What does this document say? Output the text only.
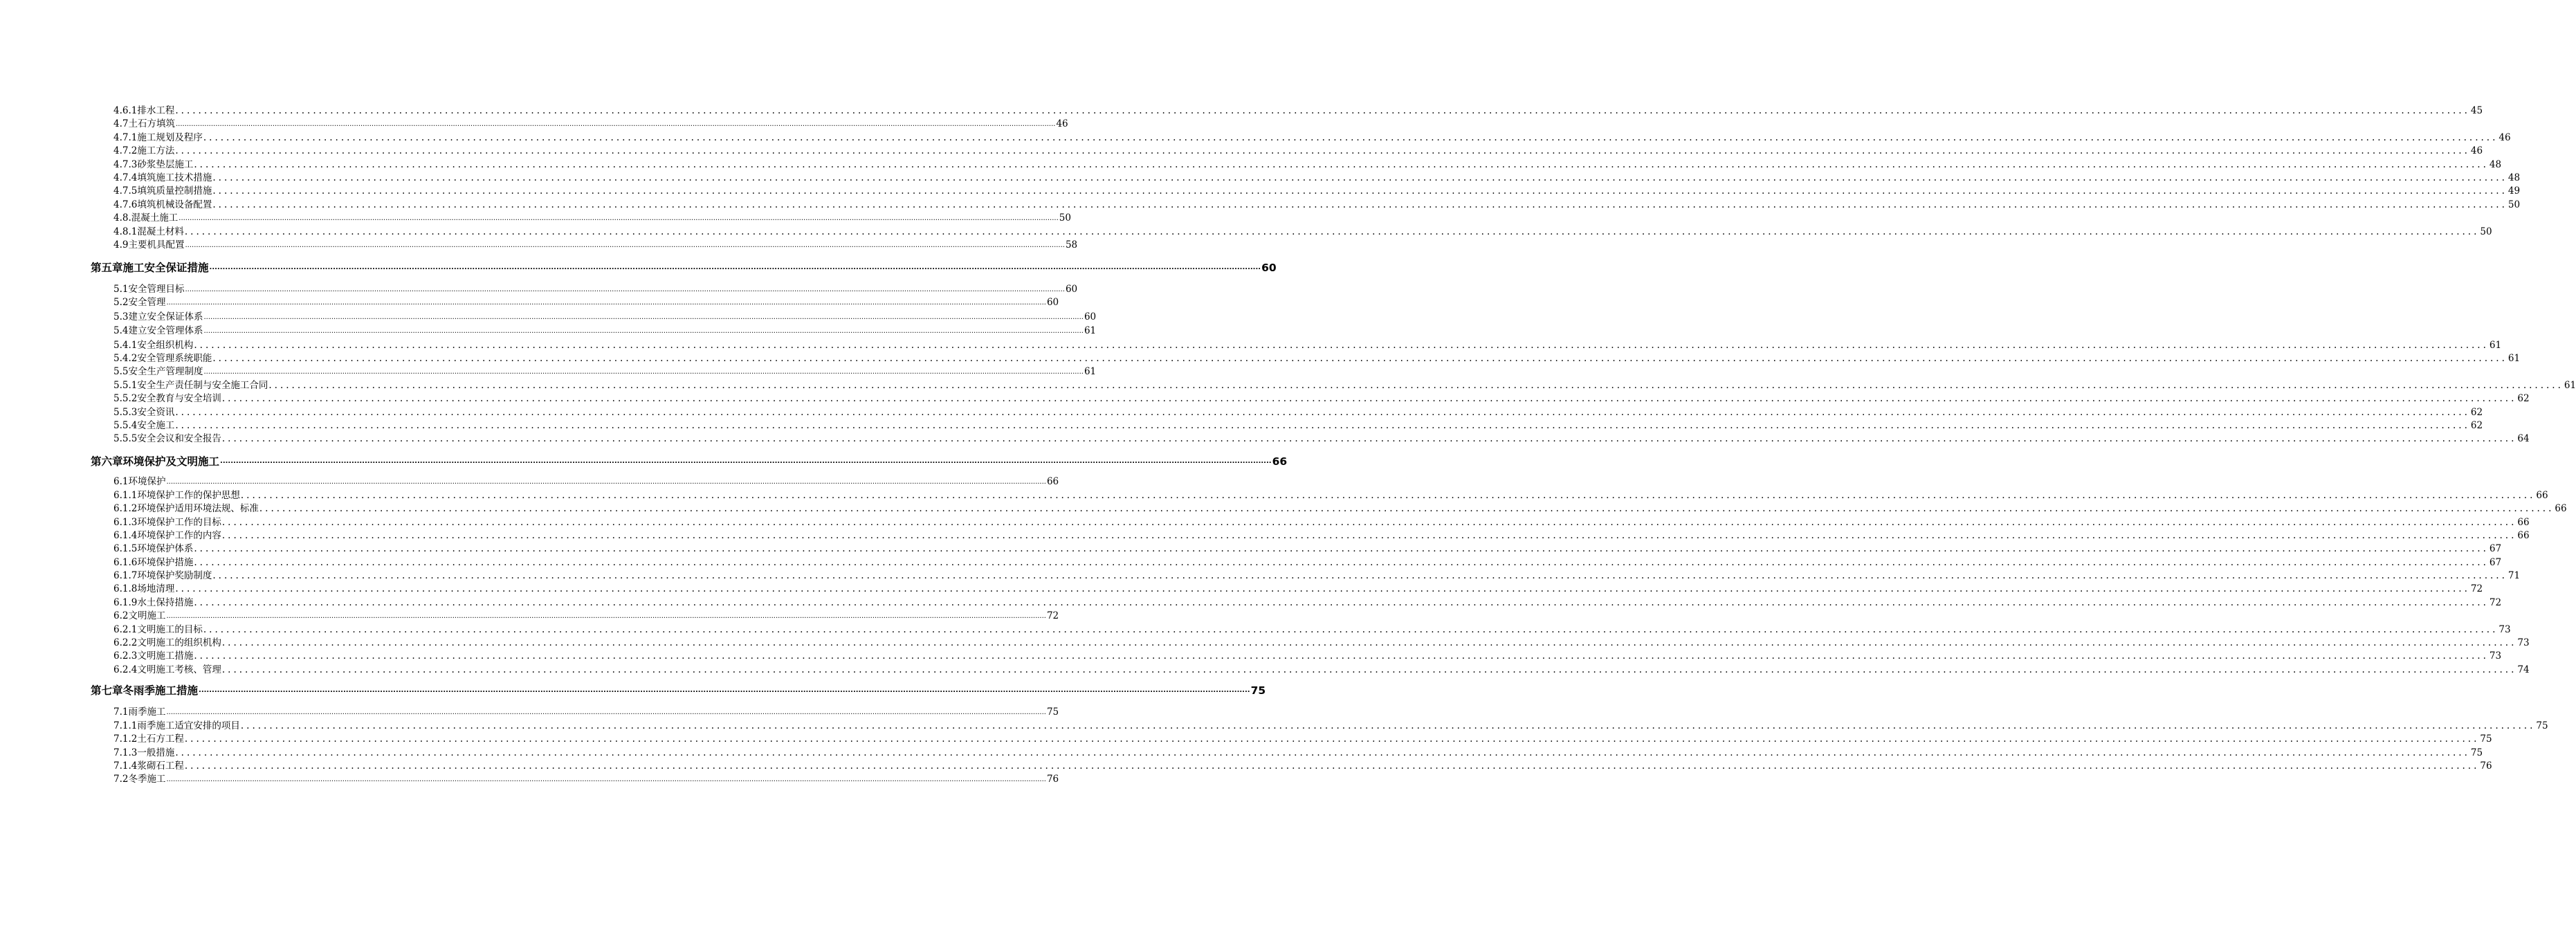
4.6.1 排水工程 ................................................................................................................................................................................................................................................................................................................................................................................................................ 45
4.7 土石方填筑 ................................................................................................................................................................................................................................................................................................................................................................................................................ 46
4.7.1 施工规划及程序 ................................................................................................................................................................................................................................................................................................................................................................................................................ 46
4.7.2 施工方法 ................................................................................................................................................................................................................................................................................................................................................................................................................ 46
4.7.3 砂浆垫层施工 ................................................................................................................................................................................................................................................................................................................................................................................................................ 48
4.7.4 填筑施工技术措施 ................................................................................................................................................................................................................................................................................................................................................................................................................ 48
4.7.5 填筑质量控制措施 ................................................................................................................................................................................................................................................................................................................................................................................................................ 49
4.7.6 填筑机械设备配置 ................................................................................................................................................................................................................................................................................................................................................................................................................ 50
4.8. 混凝土施工 ................................................................................................................................................................................................................................................................................................................................................................................................................ 50
4.8.1 混凝土材料 ................................................................................................................................................................................................................................................................................................................................................................................................................ 50
4.9 主要机具配置 ................................................................................................................................................................................................................................................................................................................................................................................................................ 58
第五章 施工安全保证措施 ................................................................................................................................................................................................................................................................................................................................................................................................................ 60
5.1 安全管理目标 ................................................................................................................................................................................................................................................................................................................................................................................................................ 60
5.2 安全管理 ................................................................................................................................................................................................................................................................................................................................................................................................................ 60
5.3 建立安全保证体系 ................................................................................................................................................................................................................................................................................................................................................................................................................ 60
5.4 建立安全管理体系 ................................................................................................................................................................................................................................................................................................................................................................................................................ 61
5.4.1 安全组织机构 ................................................................................................................................................................................................................................................................................................................................................................................................................ 61
5.4.2 安全管理系统职能 ................................................................................................................................................................................................................................................................................................................................................................................................................ 61
5.5 安全生产管理制度 ................................................................................................................................................................................................................................................................................................................................................................................................................ 61
5.5.1 安全生产责任制与安全施工合同 ................................................................................................................................................................................................................................................................................................................................................................................................................ 61
5.5.2 安全教育与安全培训 ................................................................................................................................................................................................................................................................................................................................................................................................................ 62
5.5.3 安全资讯 ................................................................................................................................................................................................................................................................................................................................................................................................................ 62
5.5.4 安全施工 ................................................................................................................................................................................................................................................................................................................................................................................................................ 62
5.5.5 安全会议和安全报告 ................................................................................................................................................................................................................................................................................................................................................................................................................ 64
第六章 环境保护及文明施工 ................................................................................................................................................................................................................................................................................................................................................................................................................ 66
6.1 环境保护 ................................................................................................................................................................................................................................................................................................................................................................................................................ 66
6.1.1 环境保护工作的保护思想 ................................................................................................................................................................................................................................................................................................................................................................................................................ 66
6.1.2 环境保护适用环境法规、标准 ................................................................................................................................................................................................................................................................................................................................................................................................................ 66
6.1.3 环境保护工作的目标 ................................................................................................................................................................................................................................................................................................................................................................................................................ 66
6.1.4 环境保护工作的内容 ................................................................................................................................................................................................................................................................................................................................................................................................................ 66
6.1.5 环境保护体系 ................................................................................................................................................................................................................................................................................................................................................................................................................ 67
6.1.6 环境保护措施 ................................................................................................................................................................................................................................................................................................................................................................................................................ 67
6.1.7 环境保护奖励制度 ................................................................................................................................................................................................................................................................................................................................................................................................................ 71
6.1.8 场地清理 ................................................................................................................................................................................................................................................................................................................................................................................................................ 72
6.1.9 水土保持措施 ................................................................................................................................................................................................................................................................................................................................................................................................................ 72
6.2 文明施工 ................................................................................................................................................................................................................................................................................................................................................................................................................ 72
6.2.1 文明施工的目标 ................................................................................................................................................................................................................................................................................................................................................................................................................ 73
6.2.2 文明施工的组织机构 ................................................................................................................................................................................................................................................................................................................................................................................................................ 73
6.2.3 文明施工措施 ................................................................................................................................................................................................................................................................................................................................................................................................................ 73
6.2.4 文明施工考核、管理 ................................................................................................................................................................................................................................................................................................................................................................................................................ 74
第七章 冬雨季施工措施 ................................................................................................................................................................................................................................................................................................................................................................................................................ 75
7.1 雨季施工 ................................................................................................................................................................................................................................................................................................................................................................................................................ 75
7.1.1 雨季施工适宜安排的项目 ................................................................................................................................................................................................................................................................................................................................................................................................................ 75
7.1.2 土石方工程 ................................................................................................................................................................................................................................................................................................................................................................................................................ 75
7.1.3 一般措施 ................................................................................................................................................................................................................................................................................................................................................................................................................ 75
7.1.4 浆砌石工程 ................................................................................................................................................................................................................................................................................................................................................................................................................ 76
7.2 冬季施工 ................................................................................................................................................................................................................................................................................................................................................................................................................ 76
